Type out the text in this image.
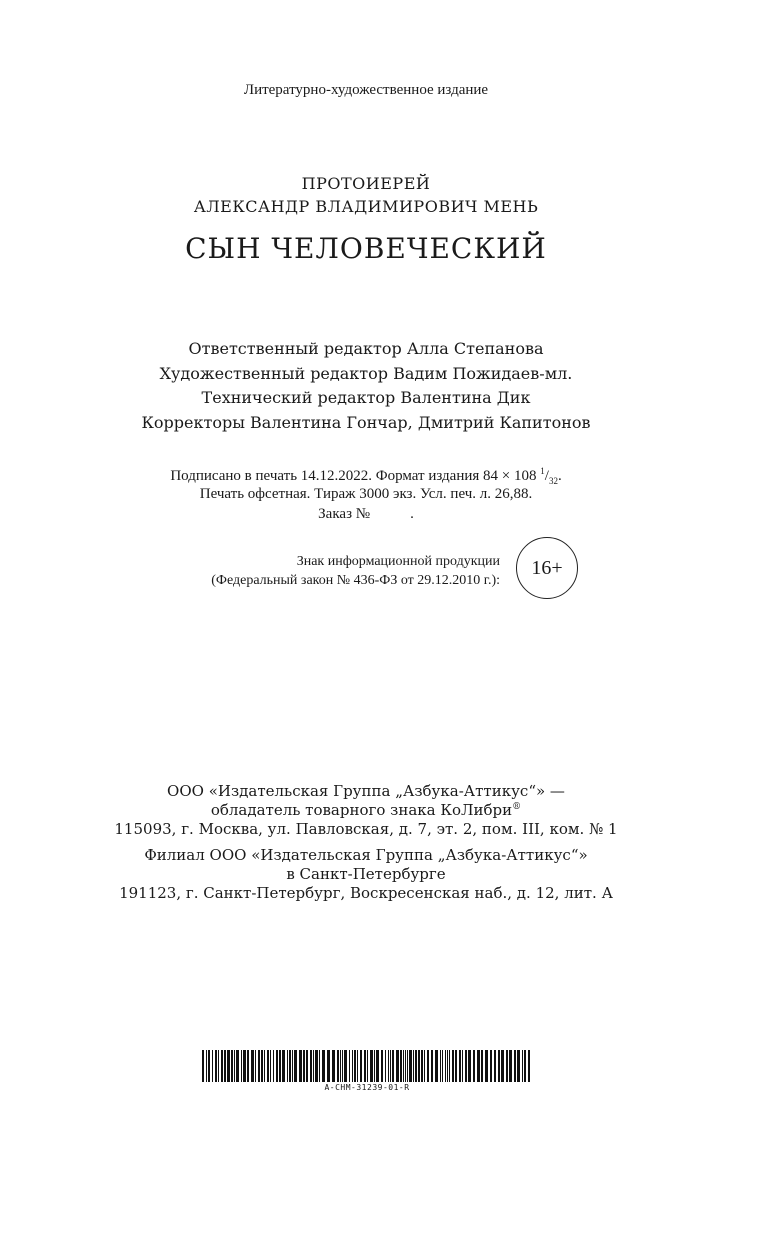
Литературно-художественное издание
ПРОТОИЕРЕЙ
АЛЕКСАНДР ВЛАДИМИРОВИЧ МЕНЬ
СЫН ЧЕЛОВЕЧЕСКИЙ
Ответственный редактор Алла Степанова
Художественный редактор Вадим Пожидаев-мл.
Технический редактор Валентина Дик
Корректоры Валентина Гончар, Дмитрий Капитонов
Подписано в печать 14.12.2022. Формат издания 84 × 108 $^1/_{32}$.
Печать офсетная. Тираж 3000 экз. Усл. печ. л. 26,88.
Заказ №	.
Знак информационной продукции
(Федеральный закон № 436-ФЗ от 29.12.2010 г.):
16+
ООО «Издательская Группа „Азбука-Аттикус“» —
обладатель товарного знака КоЛибри®
115093, г. Москва, ул. Павловская, д. 7, эт. 2, пом. III, ком. № 1
Филиал ООО «Издательская Группа „Азбука-Аттикус“»
в Санкт-Петербурге
191123, г. Санкт-Петербург, Воскресенская наб., д. 12, лит. А
A-CHM-31239-01-R
